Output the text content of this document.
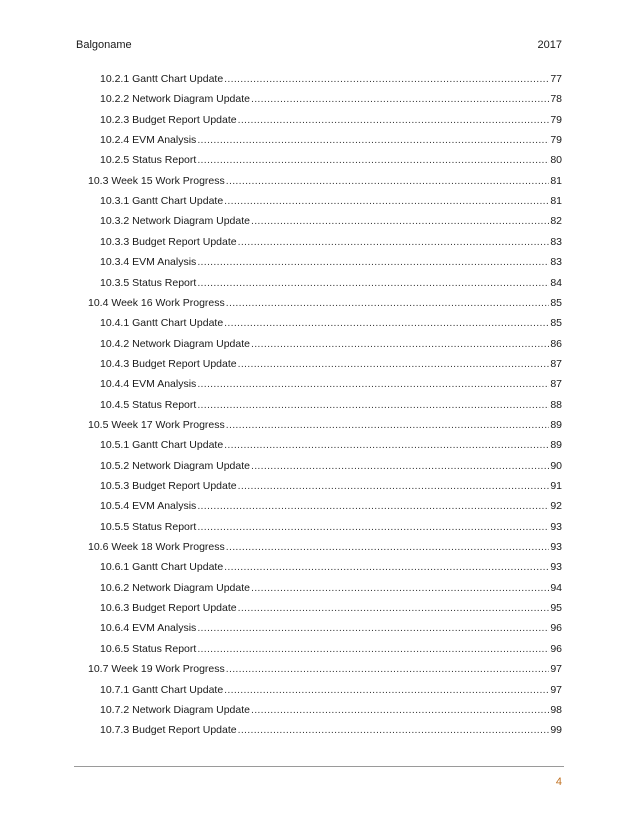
Balgoname	2017
10.2.1 Gantt Chart Update .....	77
10.2.2 Network Diagram Update .....	78
10.2.3 Budget Report Update .....	79
10.2.4 EVM Analysis .....	79
10.2.5 Status Report .....	80
10.3 Week 15 Work Progress .....	81
10.3.1 Gantt Chart Update .....	81
10.3.2 Network Diagram Update .....	82
10.3.3 Budget Report Update .....	83
10.3.4 EVM Analysis .....	83
10.3.5 Status Report .....	84
10.4 Week 16 Work Progress .....	85
10.4.1 Gantt Chart Update .....	85
10.4.2 Network Diagram Update .....	86
10.4.3 Budget Report Update .....	87
10.4.4 EVM Analysis .....	87
10.4.5 Status Report .....	88
10.5 Week 17 Work Progress .....	89
10.5.1 Gantt Chart Update .....	89
10.5.2 Network Diagram Update .....	90
10.5.3 Budget Report Update .....	91
10.5.4 EVM Analysis .....	92
10.5.5 Status Report .....	93
10.6 Week 18 Work Progress .....	93
10.6.1 Gantt Chart Update .....	93
10.6.2 Network Diagram Update .....	94
10.6.3 Budget Report Update .....	95
10.6.4 EVM Analysis .....	96
10.6.5 Status Report .....	96
10.7 Week 19 Work Progress .....	97
10.7.1 Gantt Chart Update .....	97
10.7.2 Network Diagram Update .....	98
10.7.3 Budget Report Update .....	99
4
